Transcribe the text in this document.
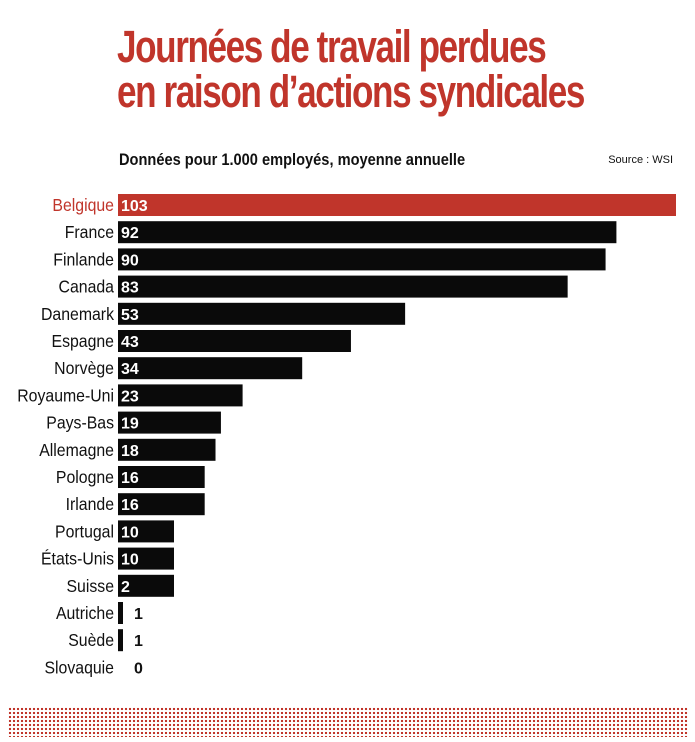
Journées de travail perdues
en raison d’actions syndicales
Données pour 1.000 employés, moyenne annuelle	Source : WSI
Belgique 103
France 92
Finlande 90
Canada 83
Danemark 53
Espagne 43
Norvège 34
Royaume-Uni 23
Pays-Bas 19
Allemagne 18
Pologne 16
Irlande 16
Portugal 10
États-Unis 10
Suisse 2
Autriche 1
Suède 1
Slovaquie 0
